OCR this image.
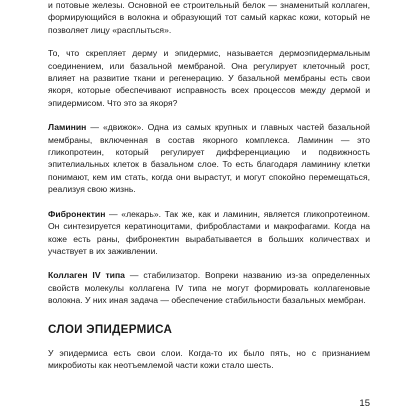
и потовые железы. Основной ее строительный белок — знаменитый коллаген, формирующийся в волокна и образующий тот самый каркас кожи, который не позволяет лицу «расплыться».

То, что скрепляет дерму и эпидермис, называется дермоэпидермальным соединением, или базальной мембраной. Она регулирует клеточный рост, влияет на развитие ткани и регенерацию. У базальной мембраны есть свои якоря, которые обеспечивают исправность всех процессов между дермой и эпидермисом. Что это за якоря?

Ламинин — «движок». Одна из самых крупных и главных частей базальной мембраны, включенная в состав якорного комплекса. Ламинин — это гликопротеин, который регулирует дифференциацию и подвижность эпителиальных клеток в базальном слое. То есть благодаря ламинину клетки понимают, кем им стать, когда они вырастут, и могут спокойно перемещаться, реализуя свою жизнь.

Фибронектин — «лекарь». Так же, как и ламинин, является гликопротеином. Он синтезируется кератиноцитами, фибробластами и макрофагами. Когда на коже есть раны, фибронектин вырабатывается в больших количествах и участвует в их заживлении.

Коллаген IV типа — стабилизатор. Вопреки названию из-за определенных свойств молекулы коллагена IV типа не могут формировать коллагеновые волокна. У них иная задача — обеспечение стабильности базальных мембран.

СЛОИ ЭПИДЕРМИСА

У эпидермиса есть свои слои. Когда-то их было пять, но с признанием микробиоты как неотъемлемой части кожи стало шесть.

15
